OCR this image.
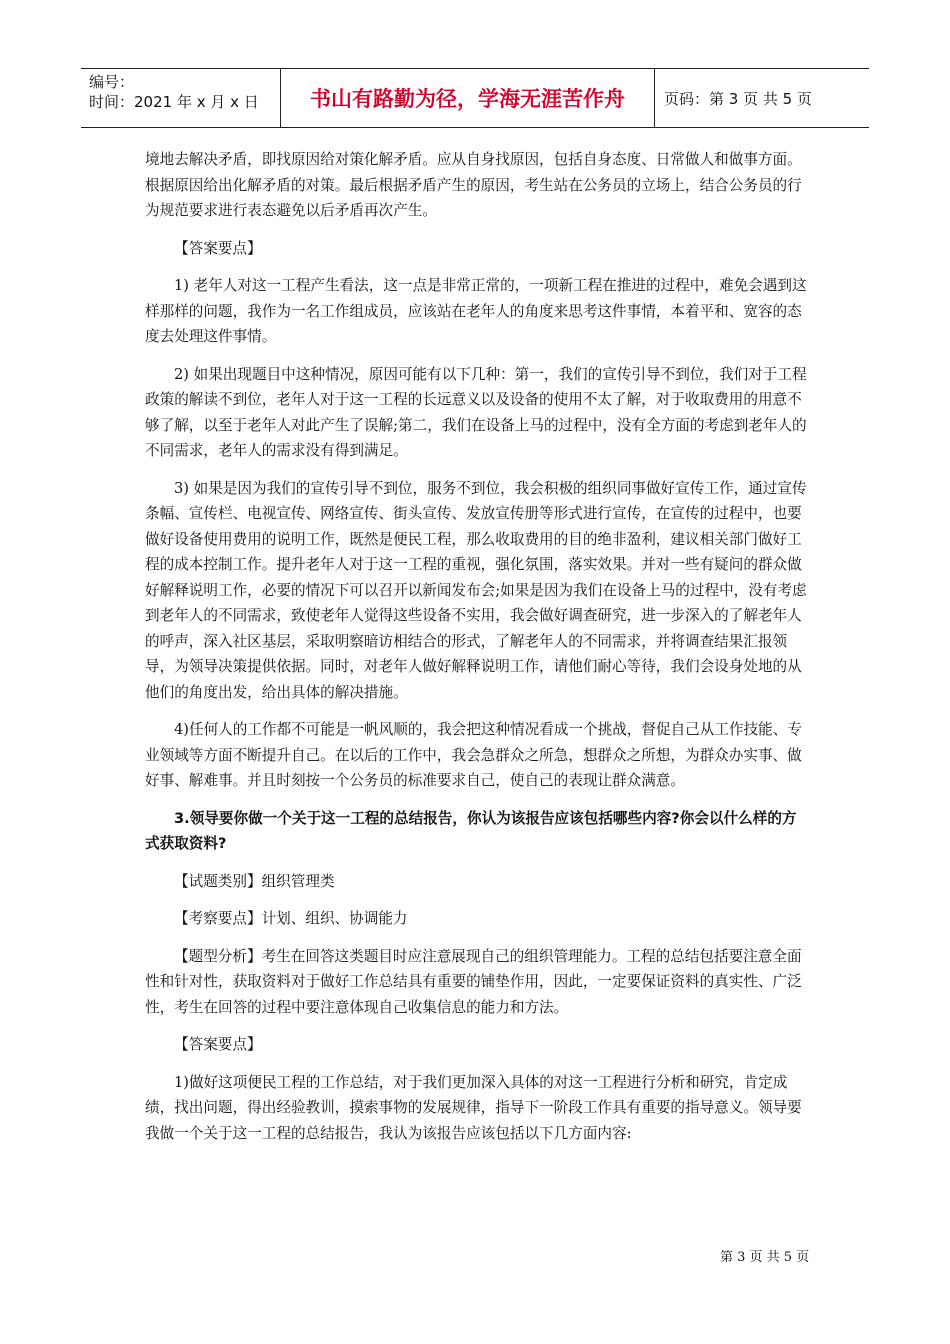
编号：
时间：2021 年 x 月 x 日	书山有路勤为径，学海无涯苦作舟	页码：第 3 页 共 5 页

境地去解决矛盾，即找原因给对策化解矛盾。应从自身找原因，包括自身态度、日常做人和做事方面。根据原因给出化解矛盾的对策。最后根据矛盾产生的原因，考生站在公务员的立场上，结合公务员的行为规范要求进行表态避免以后矛盾再次产生。

【答案要点】

1) 老年人对这一工程产生看法，这一点是非常正常的，一项新工程在推进的过程中，难免会遇到这样那样的问题，我作为一名工作组成员，应该站在老年人的角度来思考这件事情，本着平和、宽容的态度去处理这件事情。

2) 如果出现题目中这种情况，原因可能有以下几种：第一，我们的宣传引导不到位，我们对于工程政策的解读不到位，老年人对于这一工程的长远意义以及设备的使用不太了解，对于收取费用的用意不够了解，以至于老年人对此产生了误解;第二，我们在设备上马的过程中，没有全方面的考虑到老年人的不同需求，老年人的需求没有得到满足。

3) 如果是因为我们的宣传引导不到位，服务不到位，我会积极的组织同事做好宣传工作，通过宣传条幅、宣传栏、电视宣传、网络宣传、街头宣传、发放宣传册等形式进行宣传，在宣传的过程中，也要做好设备使用费用的说明工作，既然是便民工程，那么收取费用的目的绝非盈利，建议相关部门做好工程的成本控制工作。提升老年人对于这一工程的重视，强化氛围，落实效果。并对一些有疑问的群众做好解释说明工作，必要的情况下可以召开以新闻发布会;如果是因为我们在设备上马的过程中，没有考虑到老年人的不同需求，致使老年人觉得这些设备不实用，我会做好调查研究，进一步深入的了解老年人的呼声，深入社区基层，采取明察暗访相结合的形式，了解老年人的不同需求，并将调查结果汇报领导，为领导决策提供依据。同时，对老年人做好解释说明工作，请他们耐心等待，我们会设身处地的从他们的角度出发，给出具体的解决措施。

4)任何人的工作都不可能是一帆风顺的，我会把这种情况看成一个挑战，督促自己从工作技能、专业领域等方面不断提升自己。在以后的工作中，我会急群众之所急，想群众之所想，为群众办实事、做好事、解难事。并且时刻按一个公务员的标准要求自己，使自己的表现让群众满意。

3.领导要你做一个关于这一工程的总结报告，你认为该报告应该包括哪些内容?你会以什么样的方式获取资料?

【试题类别】组织管理类

【考察要点】计划、组织、协调能力

【题型分析】考生在回答这类题目时应注意展现自己的组织管理能力。工程的总结包括要注意全面性和针对性，获取资料对于做好工作总结具有重要的铺垫作用，因此，一定要保证资料的真实性、广泛性，考生在回答的过程中要注意体现自己收集信息的能力和方法。

【答案要点】

1)做好这项便民工程的工作总结，对于我们更加深入具体的对这一工程进行分析和研究，肯定成绩，找出问题，得出经验教训，摸索事物的发展规律，指导下一阶段工作具有重要的指导意义。领导要我做一个关于这一工程的总结报告，我认为该报告应该包括以下几方面内容:

第 3 页 共 5 页
